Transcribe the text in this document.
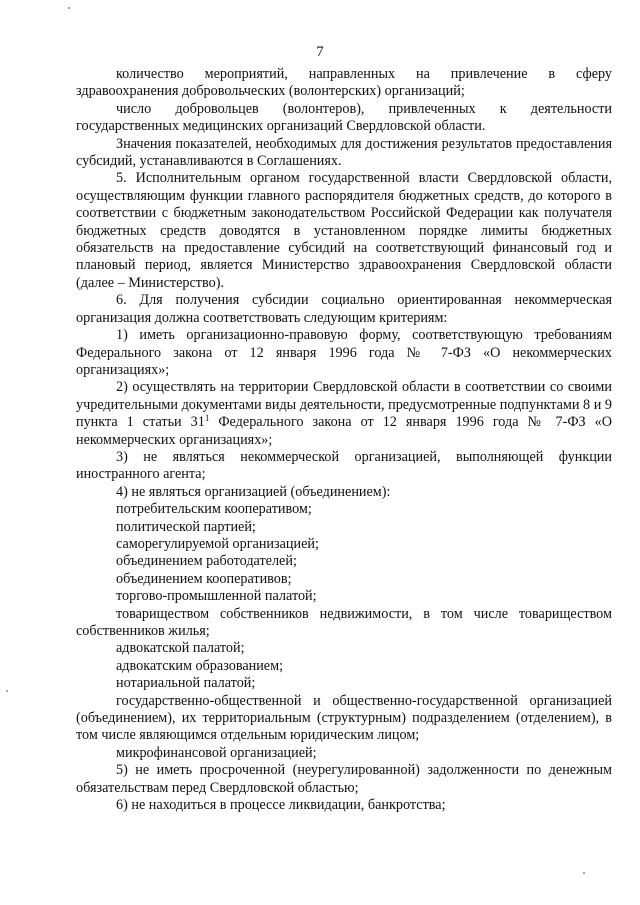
7

количество мероприятий, направленных на привлечение в сферу здравоохранения добровольческих (волонтерских) организаций;

число добровольцев (волонтеров), привлеченных к деятельности государственных медицинских организаций Свердловской области.

Значения показателей, необходимых для достижения результатов предоставления субсидий, устанавливаются в Соглашениях.

5. Исполнительным органом государственной власти Свердловской области, осуществляющим функции главного распорядителя бюджетных средств, до которого в соответствии с бюджетным законодательством Российской Федерации как получателя бюджетных средств доводятся в установленном порядке лимиты бюджетных обязательств на предоставление субсидий на соответствующий финансовый год и плановый период, является Министерство здравоохранения Свердловской области (далее – Министерство).

6. Для получения субсидии социально ориентированная некоммерческая организация должна соответствовать следующим критериям:

1) иметь организационно-правовую форму, соответствующую требованиям Федерального закона от 12 января 1996 года № 7-ФЗ «О некоммерческих организациях»;

2) осуществлять на территории Свердловской области в соответствии со своими учредительными документами виды деятельности, предусмотренные подпунктами 8 и 9 пункта 1 статьи $31^1$ Федерального закона от 12 января 1996 года № 7-ФЗ «О некоммерческих организациях»;

3) не являться некоммерческой организацией, выполняющей функции иностранного агента;

4) не являться организацией (объединением):

потребительским кооперативом;
политической партией;
саморегулируемой организацией;
объединением работодателей;
объединением кооперативов;
торгово-промышленной палатой;
товариществом собственников недвижимости, в том числе товариществом собственников жилья;
адвокатской палатой;
адвокатским образованием;
нотариальной палатой;
государственно-общественной и общественно-государственной организацией (объединением), их территориальным (структурным) подразделением (отделением), в том числе являющимся отдельным юридическим лицом;
микрофинансовой организацией;

5) не иметь просроченной (неурегулированной) задолженности по денежным обязательствам перед Свердловской областью;

6) не находиться в процессе ликвидации, банкротства;
